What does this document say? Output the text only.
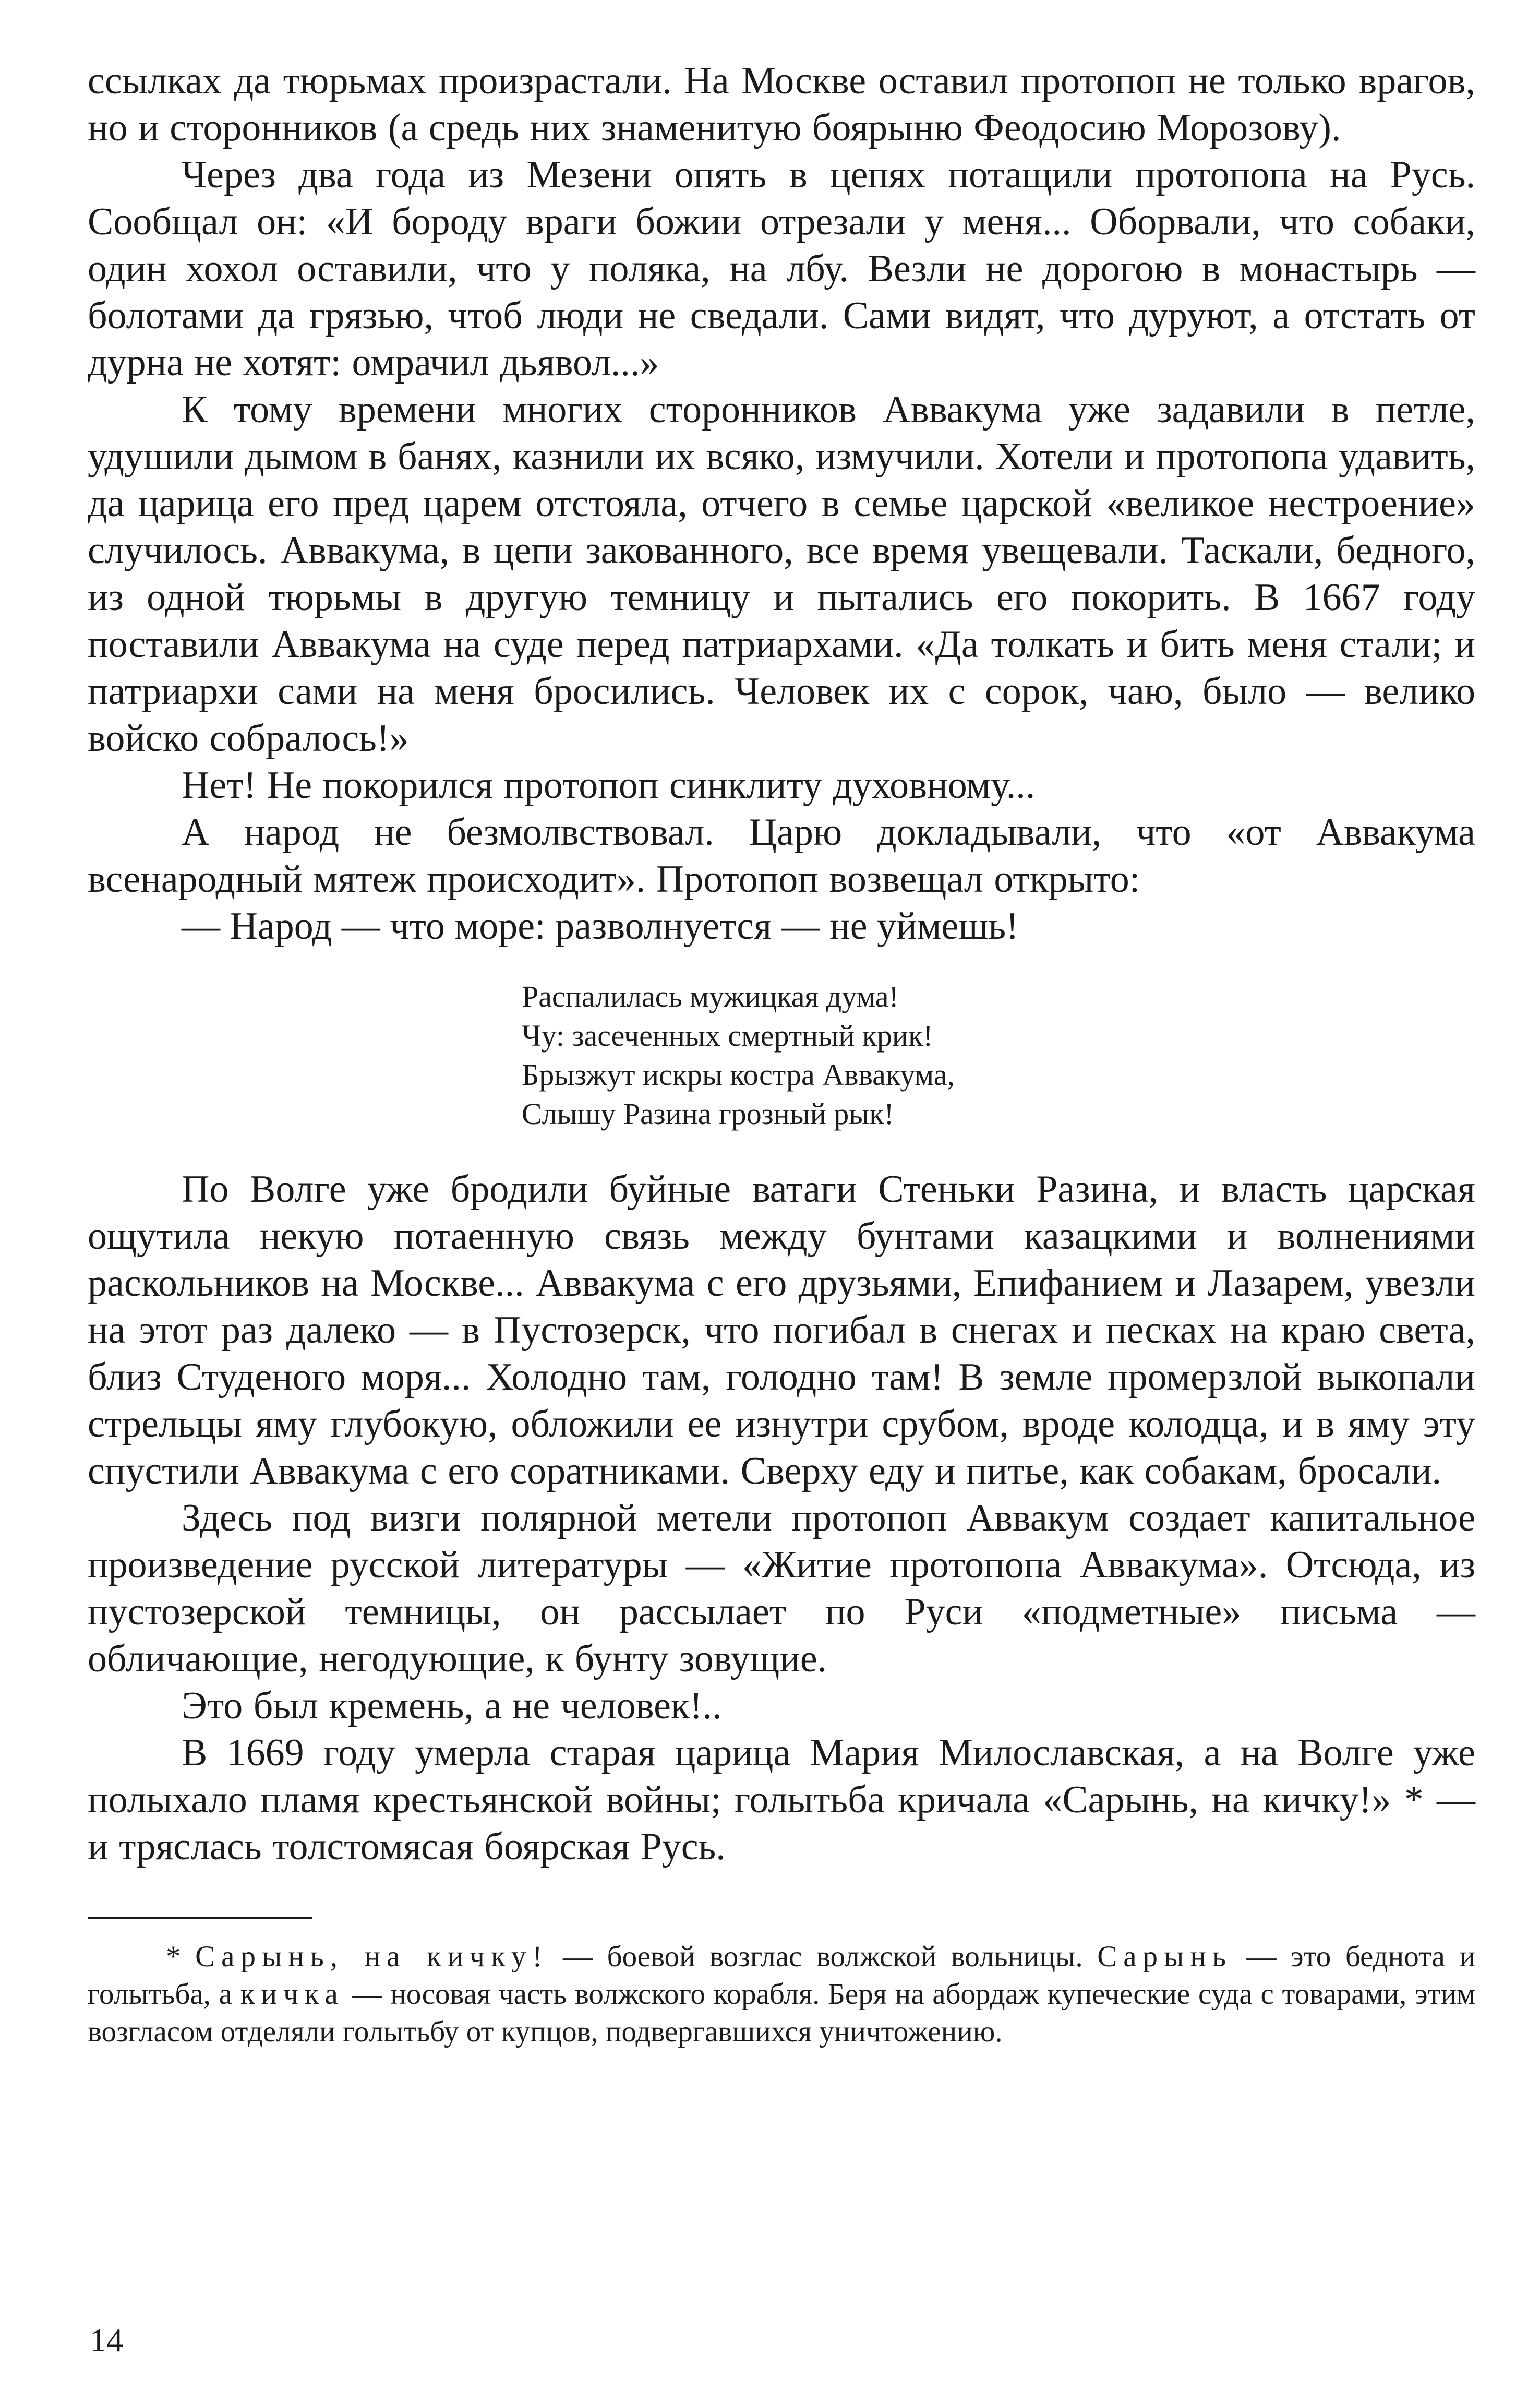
ссылках да тюрьмах произрастали. На Москве оставил протопоп не только врагов, но и сторонников (а средь них знаменитую боярыню Феодосию Морозову).

Через два года из Мезени опять в цепях потащили протопопа на Русь. Сообщал он: «И бороду враги божии отрезали у меня... Оборвали, что собаки, один хохол оставили, что у поляка, на лбу. Везли не дорогою в монастырь — болотами да грязью, чтоб люди не сведали. Сами видят, что дуруют, а отстать от дурна не хотят: омрачил дьявол...»

К тому времени многих сторонников Аввакума уже задавили в петле, удушили дымом в банях, казнили их всяко, измучили. Хотели и протопопа удавить, да царица его пред царем отстояла, отчего в семье царской «великое нестроение» случилось. Аввакума, в цепи закованного, все время увещевали. Таскали, бедного, из одной тюрьмы в другую темницу и пытались его покорить. В 1667 году поставили Аввакума на суде перед патриархами. «Да толкать и бить меня стали; и патриархи сами на меня бросились. Человек их с сорок, чаю, было — велико войско собралось!»

Нет! Не покорился протопоп синклиту духовному...

А народ не безмолвствовал. Царю докладывали, что «от Аввакума всенародный мятеж происходит». Протопоп возвещал открыто:

— Народ — что море: разволнуется — не уймешь!

Распалилась мужицкая дума!
Чу: засеченных смертный крик!
Брызжут искры костра Аввакума,
Слышу Разина грозный рык!

По Волге уже бродили буйные ватаги Стеньки Разина, и власть царская ощутила некую потаенную связь между бунтами казацкими и волнениями раскольников на Москве... Аввакума с его друзьями, Епифанием и Лазарем, увезли на этот раз далеко — в Пустозерск, что погибал в снегах и песках на краю света, близ Студеного моря... Холодно там, голодно там! В земле промерзлой выкопали стрельцы яму глубокую, обложили ее изнутри срубом, вроде колодца, и в яму эту спустили Аввакума с его соратниками. Сверху еду и питье, как собакам, бросали.

Здесь под визги полярной метели протопоп Аввакум создает капитальное произведение русской литературы — «Житие протопопа Аввакума». Отсюда, из пустозерской темницы, он рассылает по Руси «подметные» письма — обличающие, негодующие, к бунту зовущие.

Это был кремень, а не человек!..

В 1669 году умерла старая царица Мария Милославская, а на Волге уже полыхало пламя крестьянской войны; голытьба кричала «Сарынь, на кичку!» * — и тряслась толстомясая боярская Русь.

* Сарынь, на кичку! — боевой возглас волжской вольницы. Сарынь — это беднота и голытьба, а кичка — носовая часть волжского корабля. Беря на абордаж купеческие суда с товарами, этим возгласом отделяли голытьбу от купцов, подвергавшихся уничтожению.

14
